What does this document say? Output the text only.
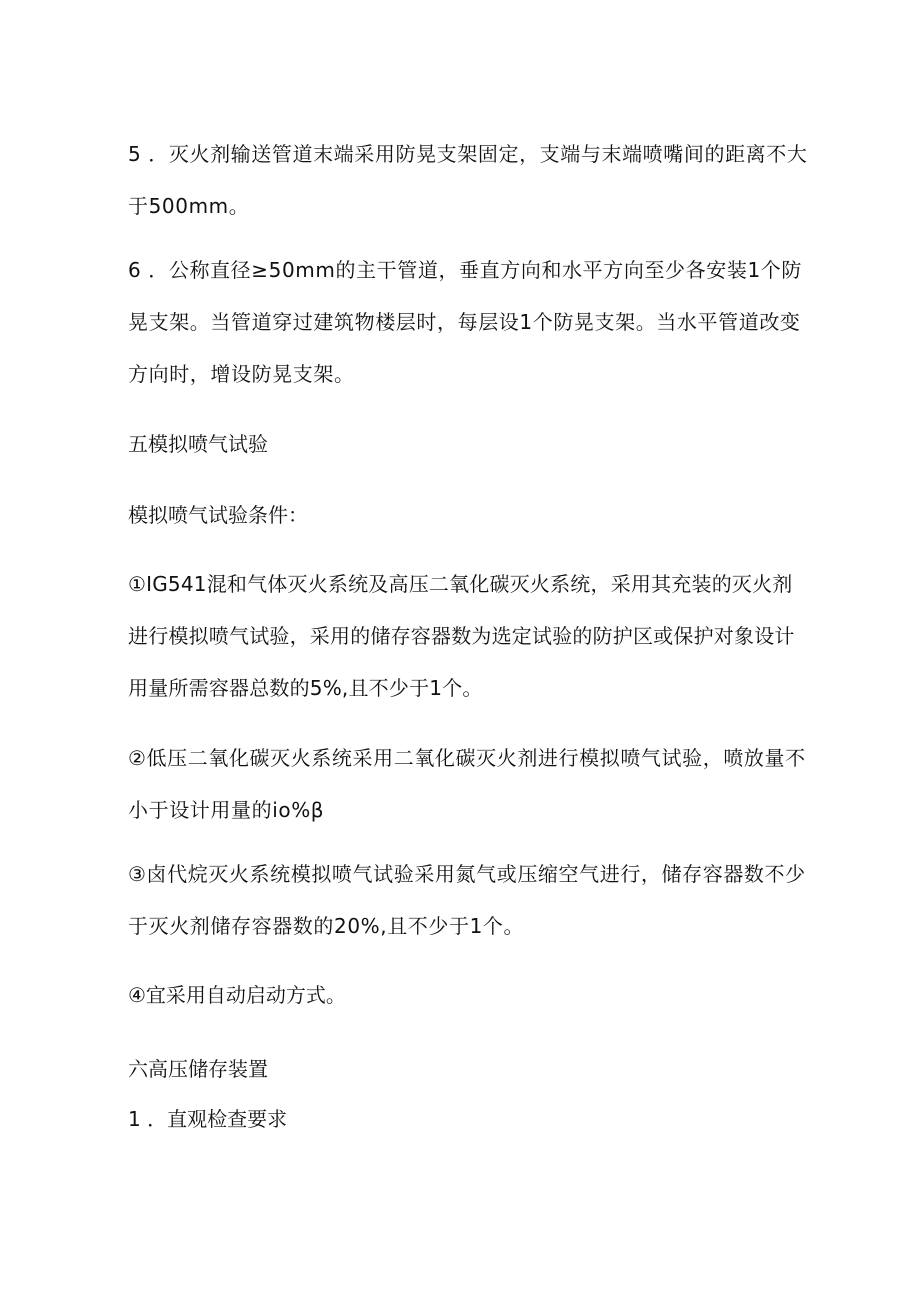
5 ．灭火剂输送管道末端采用防晃支架固定，支端与末端喷嘴间的距离不大于500mm。

6 ．公称直径≥50mm的主干管道，垂直方向和水平方向至少各安装1个防晃支架。当管道穿过建筑物楼层时，每层设1个防晃支架。当水平管道改变方向时，增设防晃支架。

五模拟喷气试验

模拟喷气试验条件：

①IG541混和气体灭火系统及高压二氧化碳灭火系统，采用其充装的灭火剂进行模拟喷气试验，采用的储存容器数为选定试验的防护区或保护对象设计用量所需容器总数的5%,且不少于1个。

②低压二氧化碳灭火系统采用二氧化碳灭火剂进行模拟喷气试验，喷放量不小于设计用量的io%β

③卤代烷灭火系统模拟喷气试验采用氮气或压缩空气进行，储存容器数不少于灭火剂储存容器数的20%,且不少于1个。

④宜采用自动启动方式。

六高压储存装置

1 ．直观检查要求
